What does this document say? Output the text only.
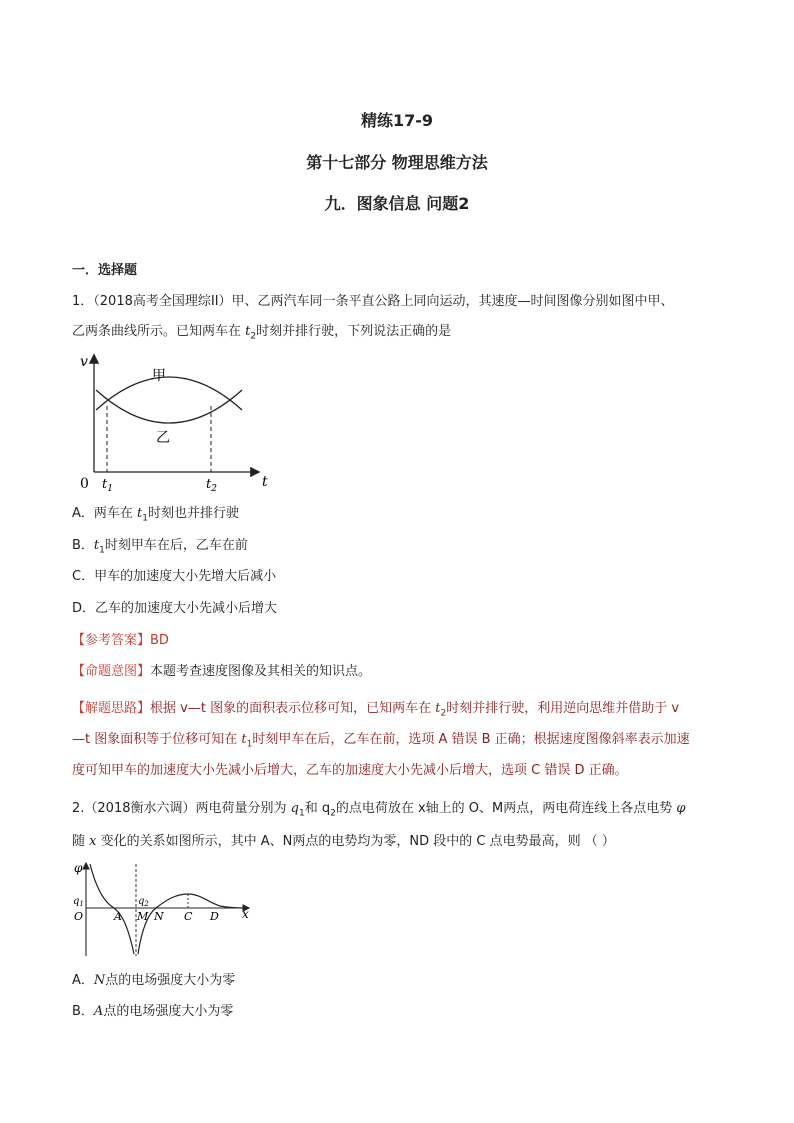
精练17-9
第十七部分 物理思维方法
九．图象信息 问题2
一．选择题
1．（2018高考全国理综II）甲、乙两汽车同一条平直公路上同向运动，其速度—时间图像分别如图中甲、
乙两条曲线所示。已知两车在 $t_2$时刻并排行驶，下列说法正确的是
v
t
0
甲
乙
$t_1$	$t_2$
A．两车在 $t_1$时刻也并排行驶
B．$t_1$时刻甲车在后，乙车在前
C．甲车的加速度大小先增大后减小
D．乙车的加速度大小先减小后增大
【参考答案】BD
【命题意图】本题考查速度图像及其相关的知识点。
【解题思路】根据 v—t 图象的面积表示位移可知，已知两车在 $t_2$时刻并排行驶，利用逆向思维并借助于 v
—t 图象面积等于位移可知在 $t_1$时刻甲车在后，乙车在前，选项 A 错误 B 正确；根据速度图像斜率表示加速
度可知甲车的加速度大小先减小后增大，乙车的加速度大小先减小后增大，选项 C 错误 D 正确。
2.（2018衡水六调）两电荷量分别为 $q_1$和 $q_2$的点电荷放在 x轴上的 O、M两点，两电荷连线上各点电势 φ
随 x 变化的关系如图所示，其中 A、N两点的电势均为零，ND 段中的 C 点电势最高，则 （ ）
φ
x
O
$q_1$	$q_2$
A M N C D
A．N点的电场强度大小为零
B．A点的电场强度大小为零
